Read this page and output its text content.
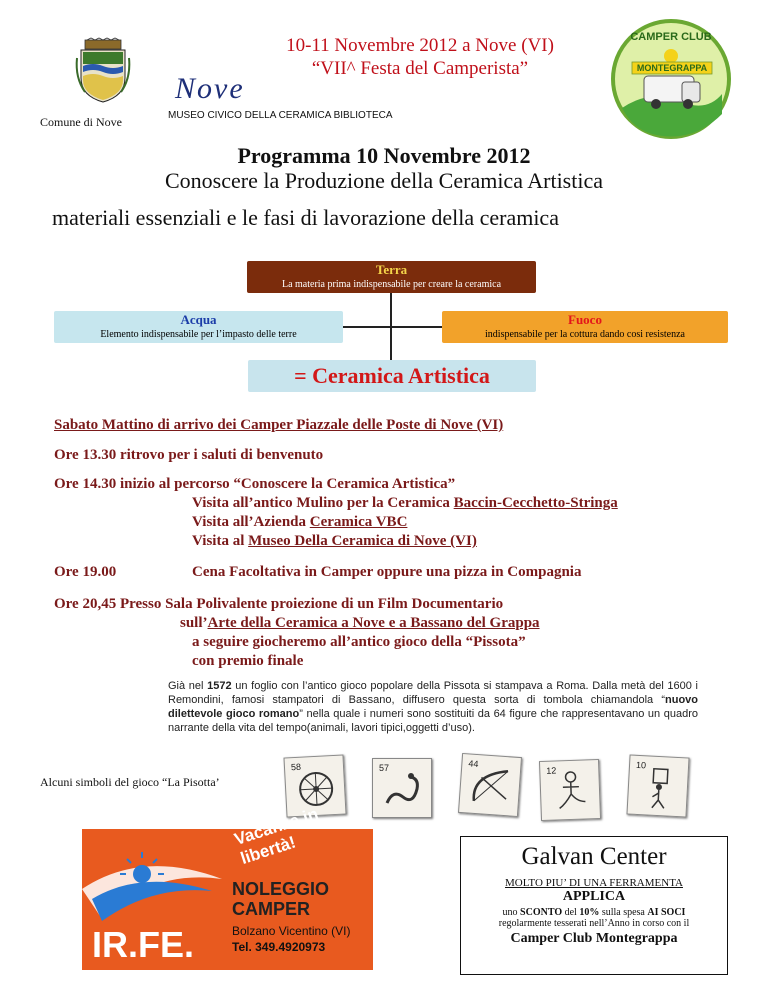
Comune di Nove
10-11 Novembre 2012 a Nove (VI)
“VII^ Festa del Camperista”
Nove
MUSEO CIVICO DELLA CERAMICA BIBLIOTECA
MONTEGRAPPA
CAMPER CLUB
Programma 10 Novembre 2012
Conoscere la Produzione della Ceramica Artistica
materiali essenziali e le fasi di lavorazione della ceramica
Terra
La materia prima indispensabile per creare la ceramica
Acqua
Elemento indispensabile per l’impasto delle terre
Fuoco
indispensabile per la cottura dando cosi resistenza
= Ceramica Artistica
Sabato Mattino di arrivo dei Camper Piazzale delle Poste di Nove (VI)
Ore 13.30 ritrovo per i saluti di benvenuto
Ore 14.30 inizio al percorso “Conoscere la Ceramica Artistica”
Visita all’antico Mulino per la Ceramica Baccin-Cecchetto-Stringa
Visita all’Azienda Ceramica VBC
Visita al Museo Della Ceramica di Nove (VI)
Ore 19.00	Cena Facoltativa in Camper oppure una pizza in Compagnia
Ore 20,45 Presso Sala Polivalente proiezione di un Film Documentario
sull’Arte della Ceramica a Nove e a Bassano del Grappa
a seguire giocheremo all’antico gioco della “Pissota”
con premio finale
Già nel 1572 un foglio con l’antico gioco popolare della Pissota si stampava a Roma. Dalla metà del 1600 i Remondini, famosi stampatori di Bassano, diffusero questa sorta di tombola chiamandola “nuovo dilettevole gioco romano” nella quale i numeri sono sostituiti da 64 figure che rappresentavano un quadro narrante della vita del tempo(animali, lavori tipici,oggetti d’uso).
Alcuni simboli del gioco “La Pisotta’
58	57	44
12
10
Vacanze in libertà!
NOLEGGIO
CAMPER
Bolzano Vicentino (VI)
Tel. 349.4920973
IR.FE.
Galvan Center
MOLTO PIU’ DI UNA FERRAMENTA
APPLICA
uno SCONTO del 10% sulla spesa AI SOCI
regolarmente tesserati nell’Anno in corso con il
Camper Club Montegrappa
